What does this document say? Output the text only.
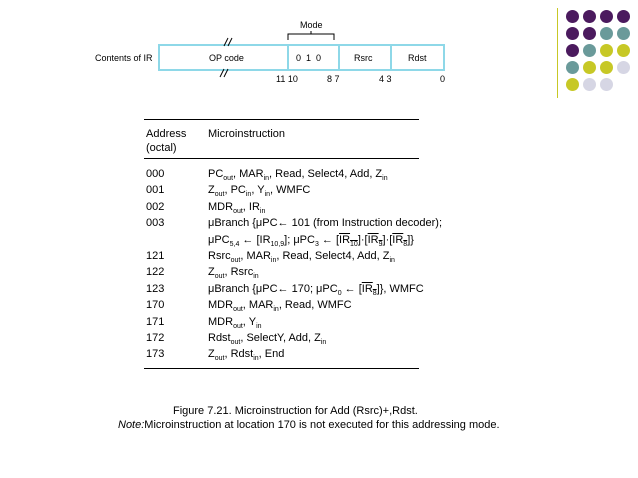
Mode
Contents of IR	OP code	0  1  0	Rsrc	Rdst
11 10	8 7	4 3	0
Address
(octal)
Microinstruction
000	$PC_{out}$, $MAR_{in}$, Read, Select4, Add, $Z_{in}$
001	$Z_{out}$, $PC_{in}$, $Y_{in}$, WMFC
002	$MDR_{out}$, $IR_{in}$
003	μBranch {μPC← 101 (from Instruction decoder);
μPC$_{5,4}$ ← $[IR_{10,9}]$; μPC$_3$ ← $[IR_{10}]\cdot[IR_9]\cdot[IR_8]$}
121	Rsrc$_{out}$, $MAR_{in}$, Read, Select4, Add, $Z_{in}$
122	$Z_{out}$, Rsrc$_{in}$
123	μBranch {μPC← 170; μPC$_0$ ← $[IR_8]$}, WMFC
170	$MDR_{out}$, $MAR_{in}$, Read, WMFC
171	$MDR_{out}$, $Y_{in}$
172	Rdst$_{out}$, SelectY, Add, $Z_{in}$
173	$Z_{out}$, Rdst$_{in}$, End
Figure 7.21. Microinstruction for Add (Rsrc)+,Rdst.
Note:Microinstruction at location 170 is not executed for this addressing mode.
